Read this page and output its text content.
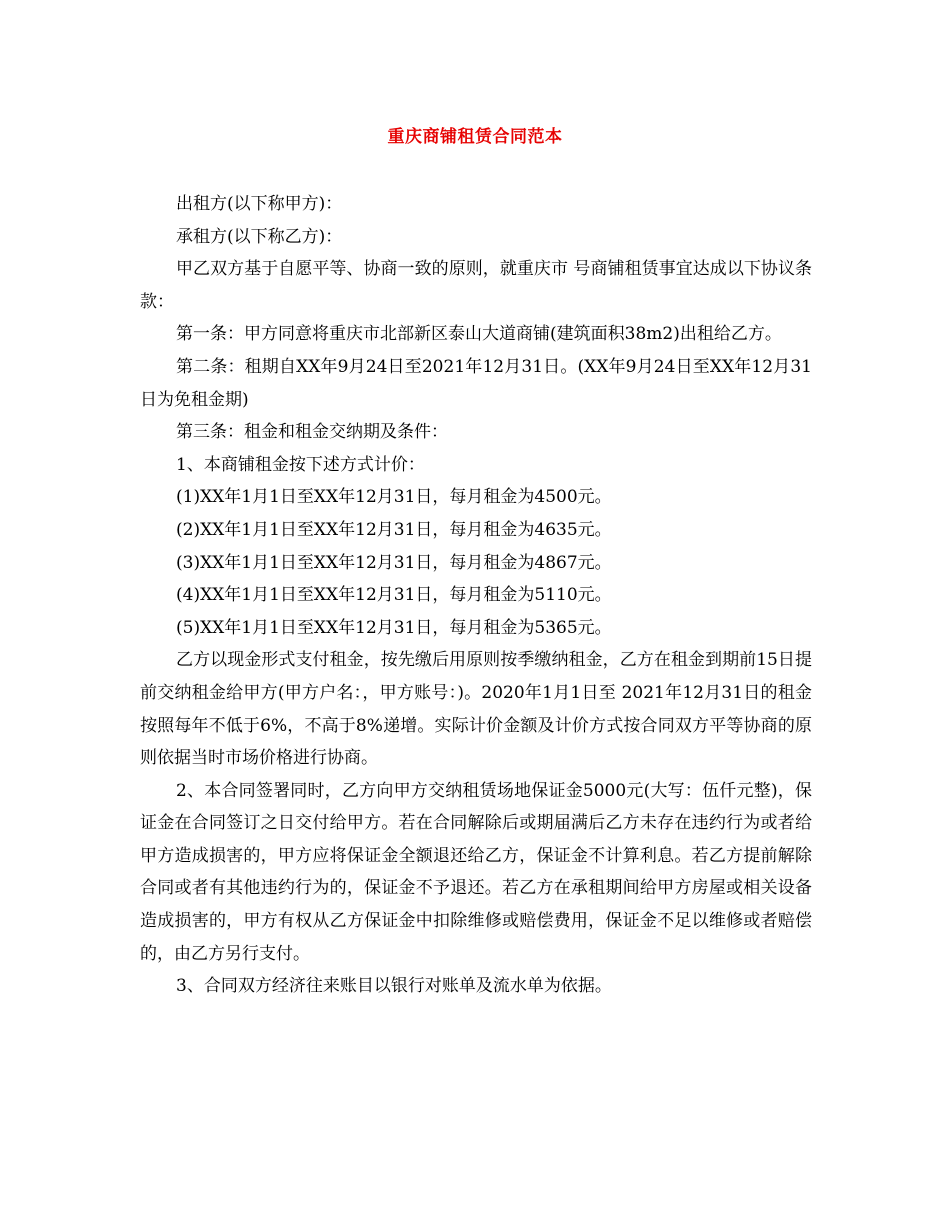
重庆商铺租赁合同范本

出租方(以下称甲方)：

承租方(以下称乙方)：

甲乙双方基于自愿平等、协商一致的原则，就重庆市 号商铺租赁事宜达成以下协议条款：

第一条：甲方同意将重庆市北部新区泰山大道商铺(建筑面积38m2)出租给乙方。

第二条：租期自XX年9月24日至2021年12月31日。(XX年9月24日至XX年12月31日为免租金期)

第三条：租金和租金交纳期及条件：

1、本商铺租金按下述方式计价：

(1)XX年1月1日至XX年12月31日，每月租金为4500元。

(2)XX年1月1日至XX年12月31日，每月租金为4635元。

(3)XX年1月1日至XX年12月31日，每月租金为4867元。

(4)XX年1月1日至XX年12月31日，每月租金为5110元。

(5)XX年1月1日至XX年12月31日，每月租金为5365元。

乙方以现金形式支付租金，按先缴后用原则按季缴纳租金，乙方在租金到期前15日提前交纳租金给甲方(甲方户名：，甲方账号：)。2020年1月1日至 2021年12月31日的租金按照每年不低于6%，不高于8%递增。实际计价金额及计价方式按合同双方平等协商的原则依据当时市场价格进行协商。

2、本合同签署同时，乙方向甲方交纳租赁场地保证金5000元(大写：伍仟元整)，保证金在合同签订之日交付给甲方。若在合同解除后或期届满后乙方未存在违约行为或者给甲方造成损害的，甲方应将保证金全额退还给乙方，保证金不计算利息。若乙方提前解除合同或者有其他违约行为的，保证金不予退还。若乙方在承租期间给甲方房屋或相关设备造成损害的，甲方有权从乙方保证金中扣除维修或赔偿费用，保证金不足以维修或者赔偿的，由乙方另行支付。

3、合同双方经济往来账目以银行对账单及流水单为依据。
